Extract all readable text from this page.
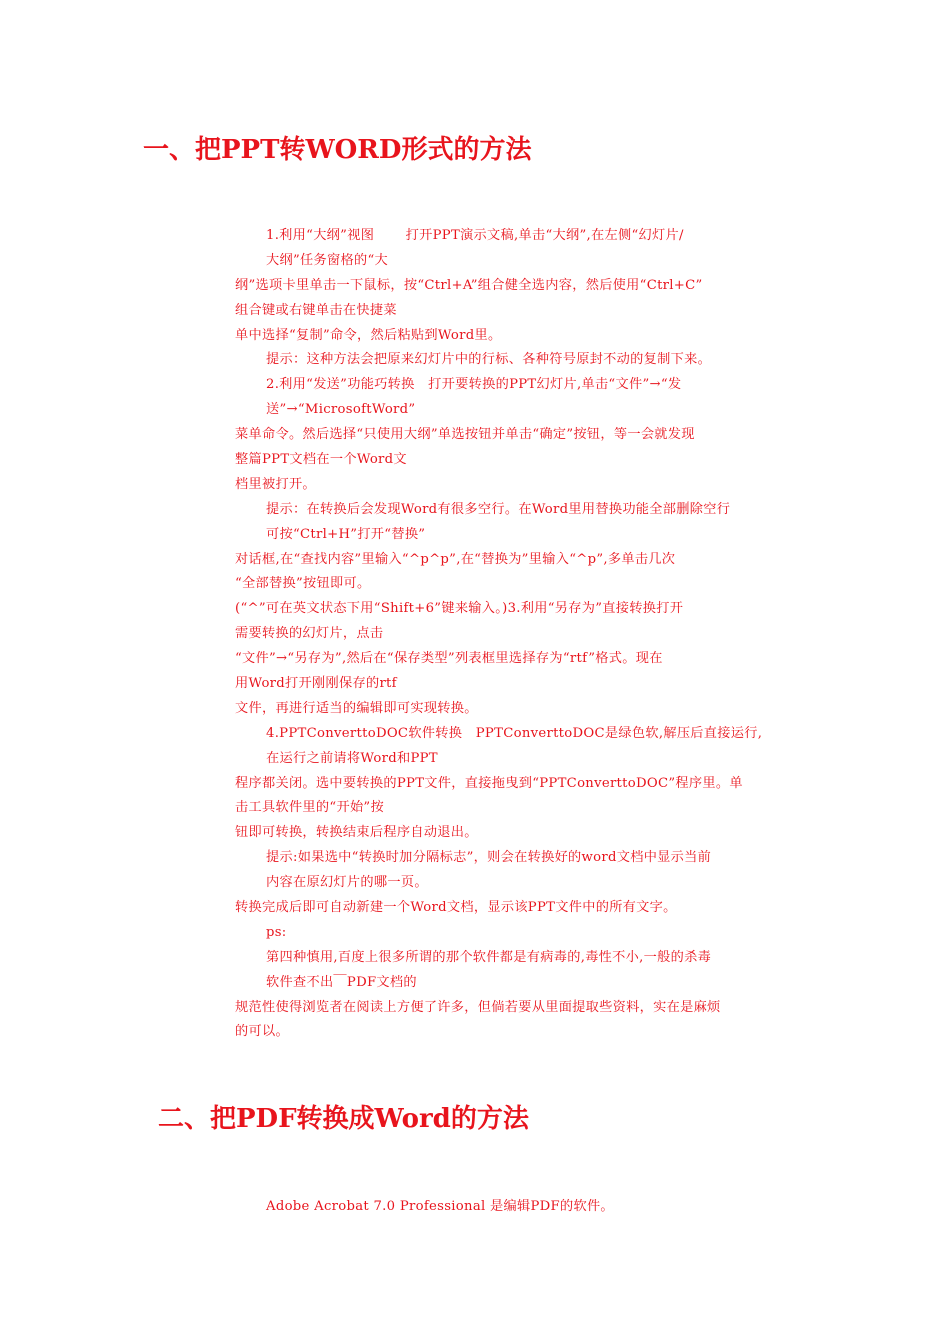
一、把PPT转WORD形式的方法
1.利用“大纲”视图　　 打开PPT演示文稿,单击“大纲”,在左侧“幻灯片/
大纲”任务窗格的“大
纲”选项卡里单击一下鼠标，按“Ctrl+A”组合健全选内容，然后使用“Ctrl+C”
组合键或右键单击在快捷菜
单中选择“复制”命令，然后粘贴到Word里。
提示：这种方法会把原来幻灯片中的行标、各种符号原封不动的复制下来。
2.利用“发送”功能巧转换　打开要转换的PPT幻灯片,单击“文件”→“发
送”→“MicrosoftWord”
菜单命令。然后选择“只使用大纲”单选按钮并单击“确定”按钮，等一会就发现
整篇PPT文档在一个Word文
档里被打开。
提示：在转换后会发现Word有很多空行。在Word里用替换功能全部删除空行
可按“Ctrl+H”打开“替换”
对话框,在“查找内容”里输入“^p^p”,在“替换为”里输入“^p”,多单击几次
“全部替换”按钮即可。
(“^”可在英文状态下用“Shift+6”键来输入。)3.利用“另存为”直接转换打开
需要转换的幻灯片，点击
“文件”→“另存为”,然后在“保存类型”列表框里选择存为“rtf”格式。现在
用Word打开刚刚保存的rtf
文件，再进行适当的编辑即可实现转换。
4.PPTConverttoDOC软件转换　PPTConverttoDOC是绿色软,解压后直接运行,
在运行之前请将Word和PPT
程序都关闭。选中要转换的PPT文件，直接拖曳到“PPTConverttoDOC”程序里。单
击工具软件里的“开始”按
钮即可转换，转换结束后程序自动退出。
提示:如果选中“转换时加分隔标志”，则会在转换好的word文档中显示当前
内容在原幻灯片的哪一页。
转换完成后即可自动新建一个Word文档，显示该PPT文件中的所有文字。
ps:
第四种慎用,百度上很多所谓的那个软件都是有病毒的,毒性不小,一般的杀毒
软件查不出￣PDF文档的
规范性使得浏览者在阅读上方便了许多，但倘若要从里面提取些资料，实在是麻烦
的可以。
二、把PDF转换成Word的方法
Adobe Acrobat 7.0 Professional 是编辑PDF的软件。
